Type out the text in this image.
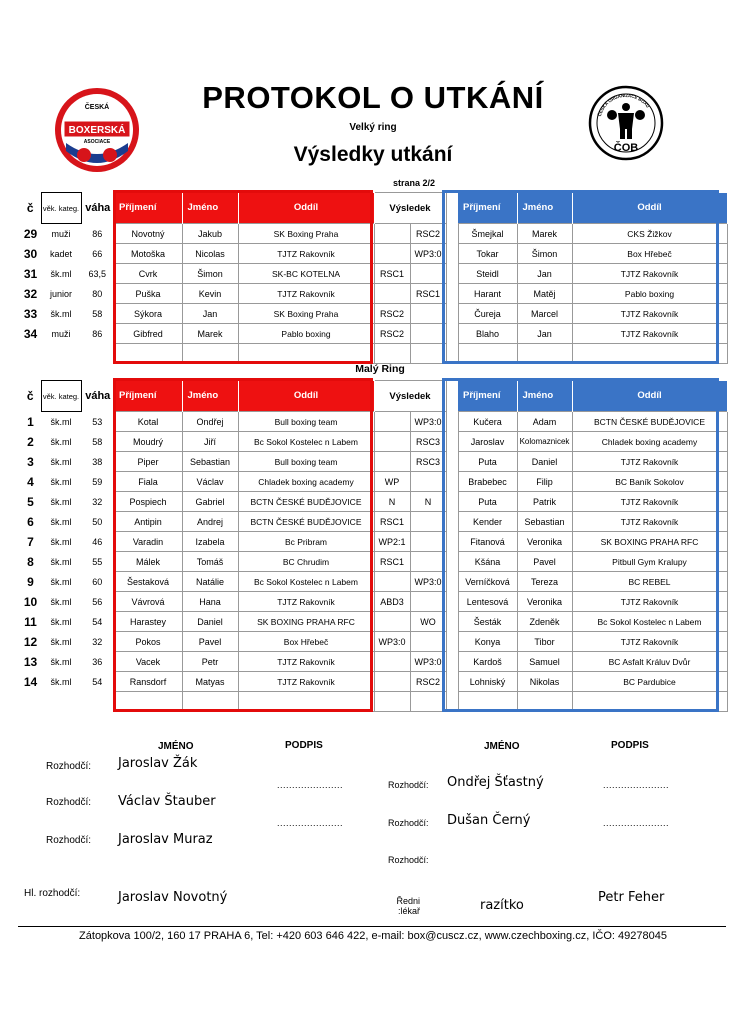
ČESKÁ
BOXERSKÁ
ASOCIACE
ČESKÁ ORGANIZACE BOXU
ČOB
PROTOKOL O UTKÁNÍ
Velký ring
Výsledky utkání
strana 2/2
č	věk. kateg.	váha	Příjmení	Jméno	Oddíl	Výsledek			Příjmení	Jméno	Oddíl
29	muži	86	Novotný	Jakub	SK Boxing Praha		RSC2		Šmejkal	Marek	CKS Žižkov
30	kadet	66	Motoška	Nicolas	TJTZ Rakovník		WP3:0		Tokar	Šimon	Box Hřebeč
31	šk.ml	63,5	Cvrk	Šimon	SK-BC KOTELNA	RSC1			Steidl	Jan	TJTZ Rakovník
32	junior	80	Puška	Kevin	TJTZ Rakovník		RSC1		Harant	Matěj	Pablo boxing
33	šk.ml	58	Sýkora	Jan	SK Boxing Praha	RSC2			Čureja	Marcel	TJTZ Rakovník
34	muži	86	Gibfred	Marek	Pablo boxing	RSC2			Blaho	Jan	TJTZ Rakovník

Malý Ring
č	věk. kateg.	váha	Příjmení	Jméno	Oddíl	Výsledek			Příjmení	Jméno	Oddíl
1	šk.ml	53	Kotal	Ondřej	Bull boxing team		WP3:0		Kučera	Adam	BCTN ČESKÉ BUDĚJOVICE
2	šk.ml	58	Moudrý	Jiří	Bc Sokol Kostelec n Labem		RSC3		Jaroslav	Kolomaznicek	Chladek boxing academy
3	šk.ml	38	Piper	Sebastian	Bull boxing team		RSC3		Puta	Daniel	TJTZ Rakovník
4	šk.ml	59	Fiala	Václav	Chladek boxing academy	WP			Brabebec	Filip	BC Baník Sokolov
5	šk.ml	32	Pospiech	Gabriel	BCTN ČESKÉ BUDĚJOVICE	N	N		Puta	Patrik	TJTZ Rakovník
6	šk.ml	50	Antipin	Andrej	BCTN ČESKÉ BUDĚJOVICE	RSC1			Kender	Sebastian	TJTZ Rakovník
7	šk.ml	46	Varadin	Izabela	Bc Pribram	WP2:1			Fitanová	Veronika	SK BOXING PRAHA RFC
8	šk.ml	55	Málek	Tomáš	BC Chrudim	RSC1			Kšána	Pavel	Pitbull Gym Kralupy
9	šk.ml	60	Šestaková	Natálie	Bc Sokol Kostelec n Labem		WP3:0		Verníčková	Tereza	BC REBEL
10	šk.ml	56	Vávrová	Hana	TJTZ Rakovník	ABD3			Lentesová	Veronika	TJTZ Rakovník
11	šk.ml	54	Harastey	Daniel	SK BOXING PRAHA RFC		WO		Šesták	Zdeněk	Bc Sokol Kostelec n Labem
12	šk.ml	32	Pokos	Pavel	Box Hřebeč	WP3:0			Konya	Tibor	TJTZ Rakovník
13	šk.ml	36	Vacek	Petr	TJTZ Rakovník		WP3:0		Kardoš	Samuel	BC Asfalt Králuv Dvůr
14	šk.ml	54	Ransdorf	Matyas	TJTZ Rakovník		RSC2		Lohniský	Nikolas	BC Pardubice

JMÉNO	PODPIS	JMÉNO	PODPIS
Rozhodčí: Jaroslav Žák
......................
Rozhodčí: Václav Štauber
......................
Rozhodčí: Jaroslav Muraz
Hl. rozhodčí:	Jaroslav Novotný
Rozhodčí: Ondřej Šťastný	......................
Rozhodčí: Dušan Černý	......................
Rozhodčí:
Ředni lékař:	razítko
Petr Feher
Zátopkova 100/2, 160 17 PRAHA 6, Tel: +420 603 646 422, e-mail: box@cuscz.cz, www.czechboxing.cz, IČO: 49278045
